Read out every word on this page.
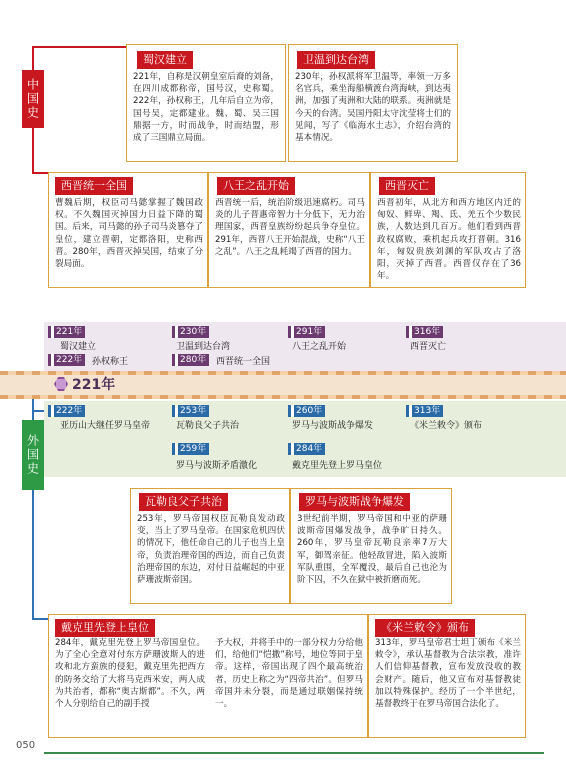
中国史
外国史
蜀汉建立
221年，自称是汉朝皇室后裔的刘备，在四川成都称帝，国号汉，史称蜀。222年，孙权称王，几年后自立为帝，国号吴，定都建业。魏、蜀、吴三国鼎据一方，时而战争，时而结盟，形成了三国鼎立局面。
卫温到达台湾
230年，孙权派将军卫温等，率领一万多名官兵，乘坐海船横渡台湾海峡，到达夷洲，加强了夷洲和大陆的联系。夷洲就是今天的台湾。吴国丹阳太守沈莹将士们的见闻，写了《临海水土志》，介绍台湾的基本情况。
西晋统一全国
曹魏后期，权臣司马懿掌握了魏国政权。不久魏国灭掉国力日益下降的蜀国。后来，司马懿的孙子司马炎篡夺了皇位，建立晋朝，定都洛阳，史称西晋。280年，西晋灭掉吴国，结束了分裂局面。
八王之乱开始
西晋统一后，统治阶级迅速腐朽。司马炎的儿子晋惠帝智力十分低下，无力治理国家，西晋皇族纷纷起兵争夺皇位。291年，西晋八王开始混战，史称“八王之乱”。八王之乱耗竭了西晋的国力。
西晋灭亡
西晋初年，从北方和西方地区内迁的匈奴、鲜卑、羯、氐、羌五个少数民族，人数达到几百万。他们看到西晋政权腐败，乘机起兵攻打晋朝。316年，匈奴贵族刘渊的军队攻占了洛阳，灭掉了西晋。西晋仅存在了36年。
221年
蜀汉建立
230年
卫温到达台湾
291年
八王之乱开始
316年
西晋灭亡
222年	孙权称王	280年	西晋统一全国
221年
222年
亚历山大继任罗马皇帝
253年
瓦勒良父子共治
260年
罗马与波斯战争爆发
313年
《米兰敕令》颁布
259年
罗马与波斯矛盾激化
284年
戴克里先登上罗马皇位
瓦勒良父子共治
253年，罗马帝国权臣瓦勒良发动政变，当上了罗马皇帝。在国家危机四伏的情况下，他任命自己的儿子也当上皇帝，负责治理帝国的西边，而自己负责治理帝国的东边，对付日益崛起的中亚萨珊波斯帝国。
罗马与波斯战争爆发
3世纪前半期，罗马帝国和中亚的萨珊波斯帝国爆发战争，战争旷日持久。260年，罗马皇帝瓦勒良亲率7万大军，御驾亲征。他轻敌冒进，陷入波斯军队重围，全军覆没，最后自己也沦为阶下囚，不久在狱中被折磨而死。
戴克里先登上皇位
284年，戴克里先登上罗马帝国皇位。为了全心全意对付东方萨珊波斯人的进攻和北方蛮族的侵犯，戴克里先把西方的防务交给了大将马克西米安，两人成为共治者，都称“奥古斯都”。不久，两个人分别给自己的副手授
予大权，并将手中的一部分权力分给他们，给他们“恺撒”称号，地位等同于皇帝。这样，帝国出现了四个最高统治者，历史上称之为“四帝共治”。但罗马帝国并未分裂，而是通过联姻保持统一。
《米兰敕令》颁布
313年，罗马皇帝君士坦丁颁布《米兰敕令》，承认基督教为合法宗教，准许人们信仰基督教，宣布发放没收的教会财产。随后，他又宣布对基督教徒加以特殊保护。经历了一个半世纪，基督教终于在罗马帝国合法化了。
050
